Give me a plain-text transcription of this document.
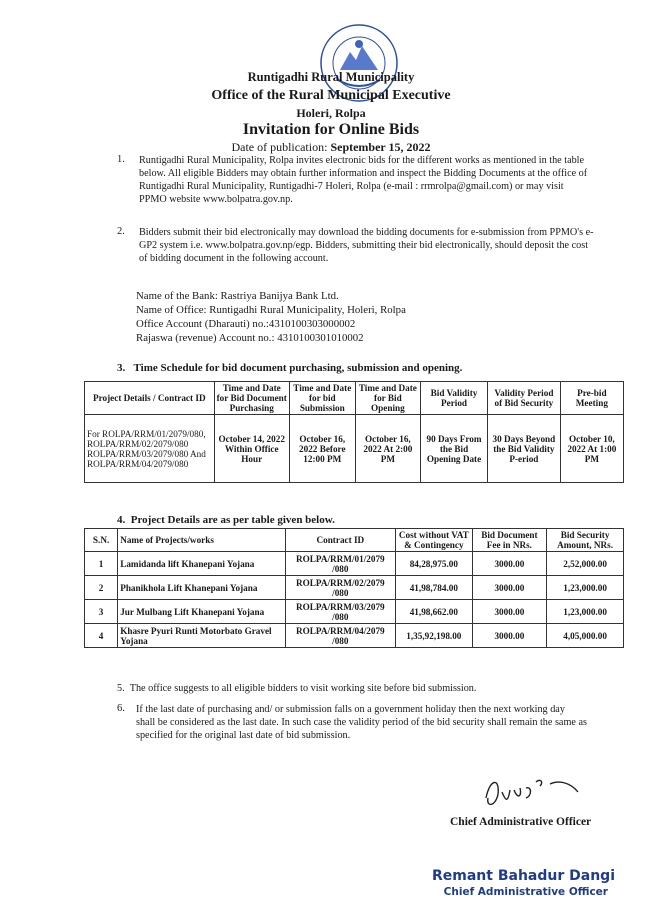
Runtigadhi Rural Municipality
Office of the Rural Municipal Executive
Holeri, Rolpa
Invitation for Online Bids
Date of publication: September 15, 2022
1. Runtigadhi Rural Municipality, Rolpa invites electronic bids for the different works as mentioned in the table
below. All eligible Bidders may obtain further information and inspect the Bidding Documents at the office of
Runtigadhi Rural Municipality, Runtigadhi-7 Holeri, Rolpa (e-mail : rrmrolpa@gmail.com) or may visit
PPMO website www.bolpatra.gov.np.
2. Bidders submit their bid electronically may download the bidding documents for e-submission from PPMO's e-
GP2 system i.e. www.bolpatra.gov.np/egp. Bidders, submitting their bid electronically, should deposit the cost
of bidding document in the following account.
Name of the Bank: Rastriya Banijya Bank Ltd.
Name of Office: Runtigadhi Rural Municipality, Holeri, Rolpa
Office Account (Dharauti) no.:4310100303000002
Rajaswa (revenue) Account no.: 4310100301010002
3. Time Schedule for bid document purchasing, submission and opening.
Project Details / Contract ID	Time and Date for Bid Document Purchasing	Time and Date for bid Submission	Time and Date for Bid Opening	Bid Validity Period	Validity Period of Bid Security	Pre-bid Meeting
For ROLPA/RRM/01/2079/080, ROLPA/RRM/02/2079/080 ROLPA/RRM/03/2079/080 And ROLPA/RRM/04/2079/080	October 14, 2022 Within Office Hour	October 16, 2022 Before 12:00 PM	October 16, 2022 At 2:00 PM	90 Days From the Bid Opening Date	30 Days Beyond the Bid Validity P-eriod	October 10, 2022 At 1:00 PM
4. Project Details are as per table given below.
S.N.	Name of Projects/works	Contract ID	Cost without VAT & Contingency	Bid Document Fee in NRs.	Bid Security Amount, NRs.
1	Lamidanda lift Khanepani Yojana	ROLPA/RRM/01/2079 /080	84,28,975.00	3000.00	2,52,000.00
2	Phanikhola Lift Khanepani Yojana	ROLPA/RRM/02/2079 /080	41,98,784.00	3000.00	1,23,000.00
3	Jur Mulbang Lift Khanepani Yojana	ROLPA/RRM/03/2079 /080	41,98,662.00	3000.00	1,23,000.00
4	Khasre Pyuri Runti Motorbato Gravel Yojana	ROLPA/RRM/04/2079 /080	1,35,92,198.00	3000.00	4,05,000.00
5. The office suggests to all eligible bidders to visit working site before bid submission.
6. If the last date of purchasing and/ or submission falls on a government holiday then the next working day
shall be considered as the last date. In such case the validity period of the bid security shall remain the same as
specified for the original last date of bid submission.
Chief Administrative Officer
Remant Bahadur Dangi
Chief Administrative Officer
